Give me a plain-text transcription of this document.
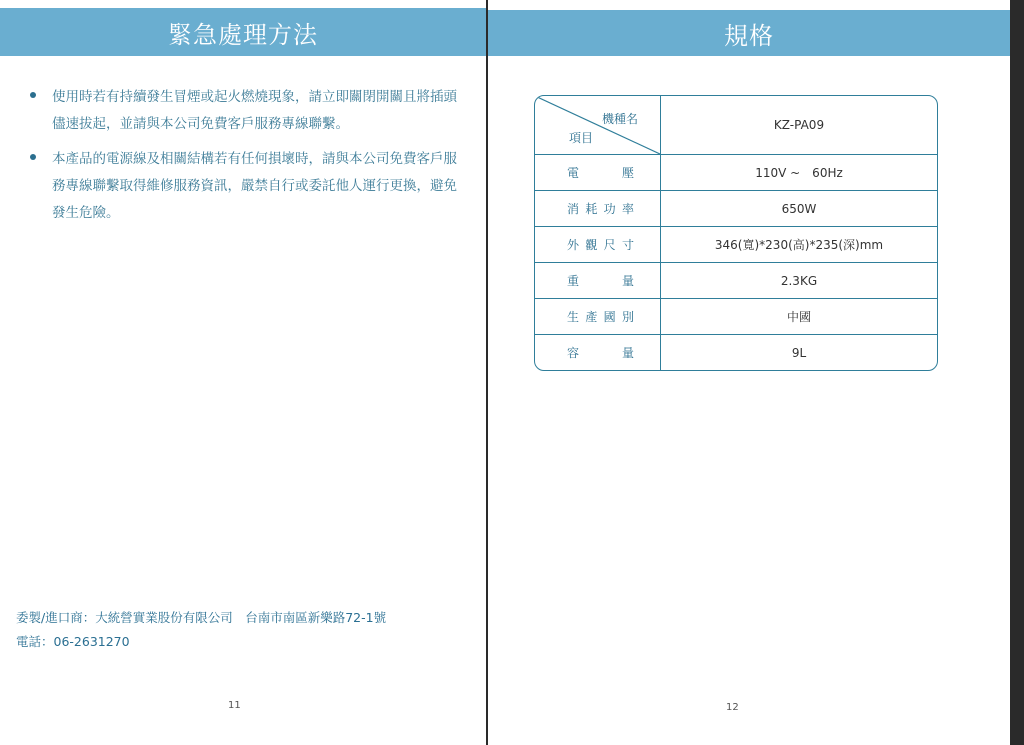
緊急處理方法
使用時若有持續發生冒煙或起火燃燒現象，請立即關閉開關且將插頭儘速拔起，並請與本公司免費客戶服務專線聯繫。
本產品的電源線及相關結構若有任何損壞時，請與本公司免費客戶服務專線聯繫取得維修服務資訊，嚴禁自行或委託他人運行更換，避免發生危險。
委製/進口商：大統營實業股份有限公司　台南市南區新樂路72-1號
電話：06-2631270
11
規格
機種名
項目	KZ-PA09

電 壓	110V ~　60Hz

消 耗 功 率	650W

外 觀 尺 寸	346(寬)*230(高)*235(深)mm

重 量	2.3KG

生 產 國 別	中國

容 量	9L
12
